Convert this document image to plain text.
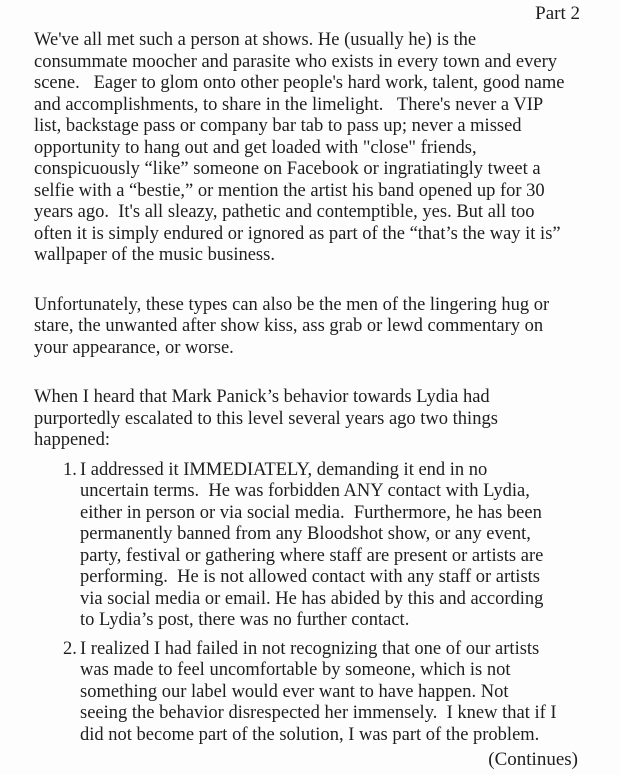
Part 2

We've all met such a person at shows. He (usually he) is the
consummate moocher and parasite who exists in every town and every
scene.   Eager to glom onto other people's hard work, talent, good name
and accomplishments, to share in the limelight.   There's never a VIP
list, backstage pass or company bar tab to pass up; never a missed
opportunity to hang out and get loaded with "close" friends,
conspicuously “like” someone on Facebook or ingratiatingly tweet a
selfie with a “bestie,” or mention the artist his band opened up for 30
years ago.  It's all sleazy, pathetic and contemptible, yes. But all too
often it is simply endured or ignored as part of the “that’s the way it is”
wallpaper of the music business.

Unfortunately, these types can also be the men of the lingering hug or
stare, the unwanted after show kiss, ass grab or lewd commentary on
your appearance, or worse.

When I heard that Mark Panick’s behavior towards Lydia had
purportedly escalated to this level several years ago two things
happened:

1. I addressed it IMMEDIATELY, demanding it end in no
uncertain terms.  He was forbidden ANY contact with Lydia,
either in person or via social media.  Furthermore, he has been
permanently banned from any Bloodshot show, or any event,
party, festival or gathering where staff are present or artists are
performing.  He is not allowed contact with any staff or artists
via social media or email. He has abided by this and according
to Lydia’s post, there was no further contact.
2. I realized I had failed in not recognizing that one of our artists
was made to feel uncomfortable by someone, which is not
something our label would ever want to have happen. Not
seeing the behavior disrespected her immensely.  I knew that if I
did not become part of the solution, I was part of the problem.
(Continues)
